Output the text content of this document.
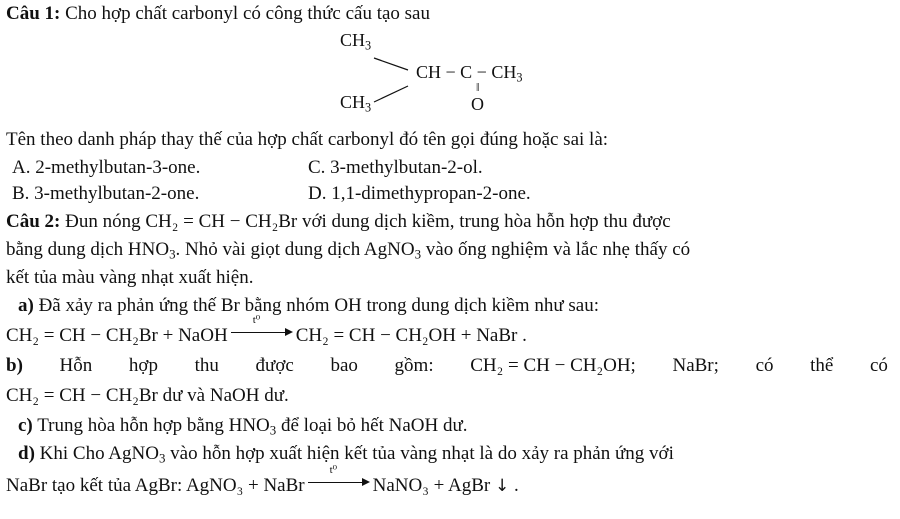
Câu 1: Cho hợp chất carbonyl có công thức cấu tạo sau
$CH_3$
$CH_3$
CH − $C - CH_3$
‖
O
Tên theo danh pháp thay thế của hợp chất carbonyl đó tên gọi đúng hoặc sai là:
A. 2-methylbutan-3-one.	C. 3-methylbutan-2-ol.
B. 3-methylbutan-2-one.	D. 1,1-dimethypropan-2-one.
Câu 2: Đun nóng CH₂ = CH − CH₂Br với dung dịch kiềm, trung hòa hỗn hợp thu được
bằng dung dịch $HNO_3$. Nhỏ vài giọt dung dịch AgNO$_3$ vào ống nghiệm và lắc nhẹ thấy có
kết tủa màu vàng nhạt xuất hiện.
a) Đã xảy ra phản ứng thế Br bằng nhóm OH trong dung dịch kiềm như sau:
CH₂ = CH − CH₂Br + NaOH
t⁰
CH₂ = CH − CH₂OH + NaBr .
b) Hỗn hợp thu được bao gồm: CH₂ = CH − CH₂OH; NaBr; có thể có
CH₂ = CH − CH₂Br dư và NaOH dư.
c) Trung hòa hỗn hợp bằng $HNO_3$ để loại bỏ hết NaOH dư.
d) Khi Cho AgNO$_3$ vào hỗn hợp xuất hiện kết tủa vàng nhạt là do xảy ra phản ứng với
NaBr tạo kết tủa AgBr: AgNO₃ + NaBr
t⁰
NaNO₃ + AgBr ↓ .
